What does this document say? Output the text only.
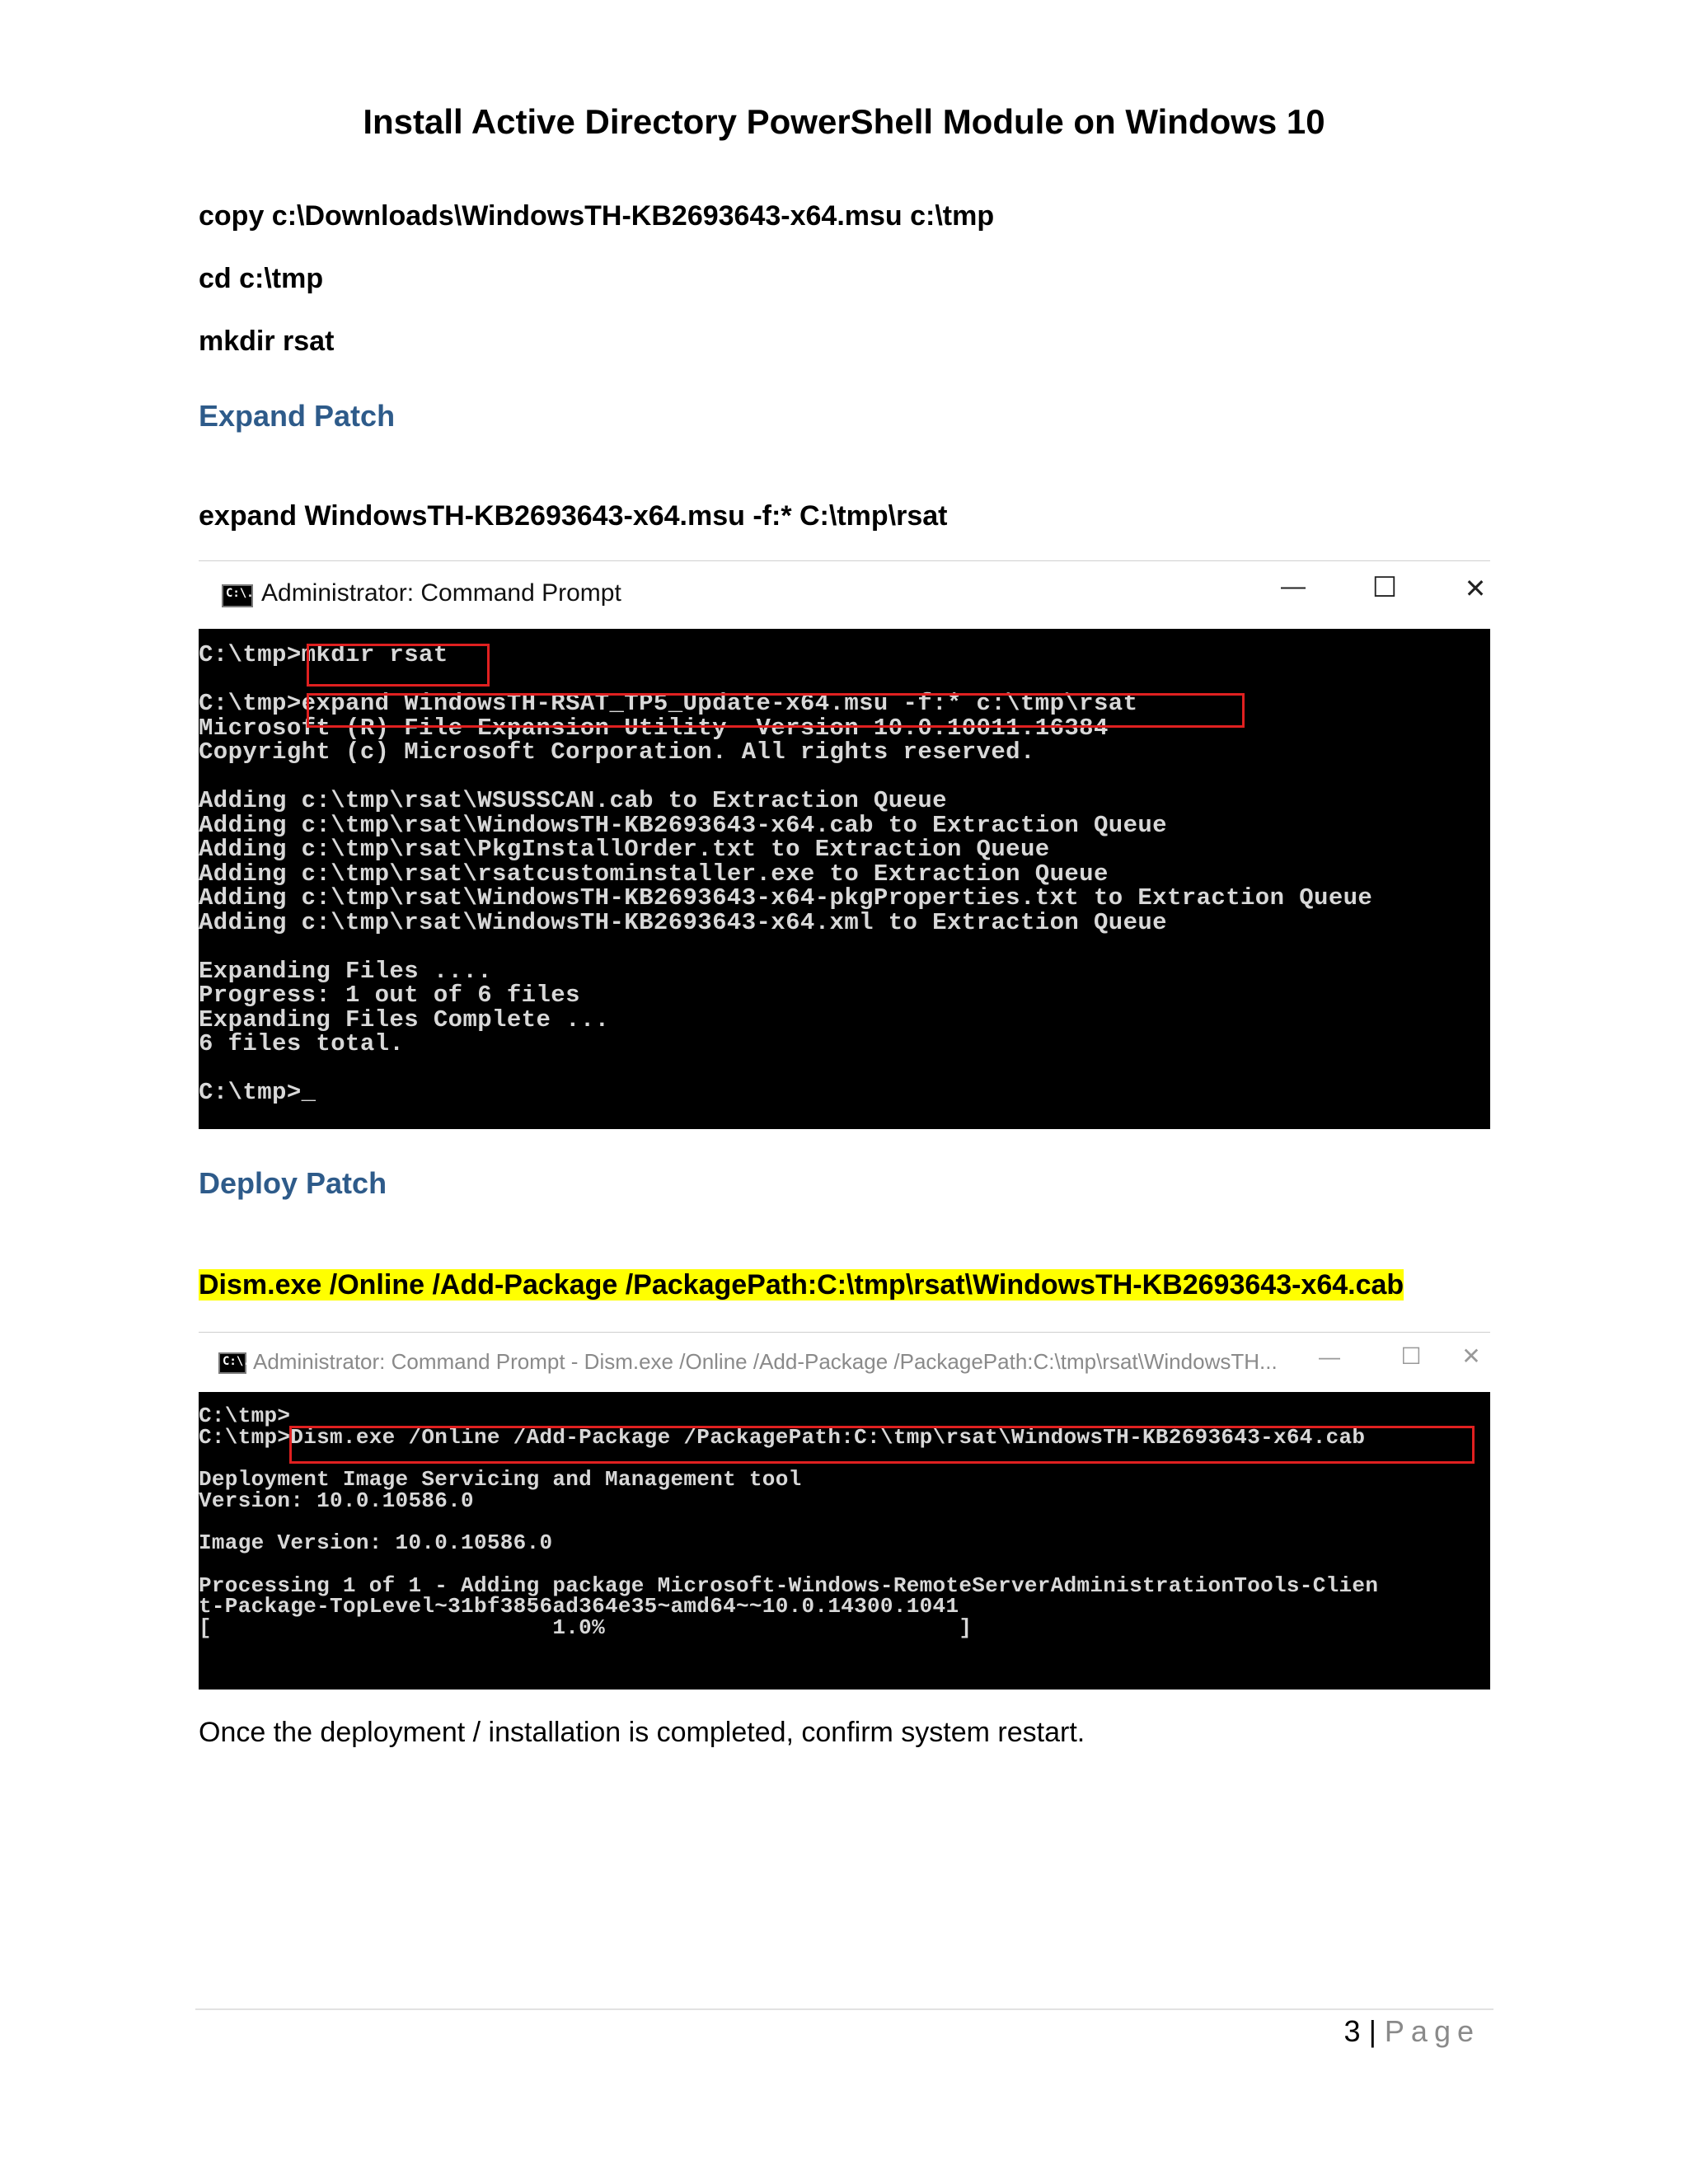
Install Active Directory PowerShell Module on Windows 10
copy c:\Downloads\WindowsTH-KB2693643-x64.msu c:\tmp
cd c:\tmp
mkdir rsat
Expand Patch
expand WindowsTH-KB2693643-x64.msu -f:* C:\tmp\rsat
C:\. Administrator: Command Prompt	— ☐	✕
C:\tmp>mkdir rsat
C:\tmp>expand WindowsTH-RSAT_TP5_Update-x64.msu -f:* c:\tmp\rsat
Microsoft (R) File Expansion Utility  Version 10.0.10011.16384
Copyright (c) Microsoft Corporation. All rights reserved.
Adding c:\tmp\rsat\WSUSSCAN.cab to Extraction Queue
Adding c:\tmp\rsat\WindowsTH-KB2693643-x64.cab to Extraction Queue
Adding c:\tmp\rsat\PkgInstallOrder.txt to Extraction Queue
Adding c:\tmp\rsat\rsatcustominstaller.exe to Extraction Queue
Adding c:\tmp\rsat\WindowsTH-KB2693643-x64-pkgProperties.txt to Extraction Queue
Adding c:\tmp\rsat\WindowsTH-KB2693643-x64.xml to Extraction Queue
Expanding Files ....
Progress: 1 out of 6 files
Expanding Files Complete ...
6 files total.
C:\tmp>_
Deploy Patch
Dism.exe /Online /Add-Package /PackagePath:C:\tmp\rsat\WindowsTH-KB2693643-x64.cab
C:\. Administrator: Command Prompt - Dism.exe /Online /Add-Package /PackagePath:C:\tmp\rsat\WindowsTH... —	☐ ✕
C:\tmp>
C:\tmp>Dism.exe /Online /Add-Package /PackagePath:C:\tmp\rsat\WindowsTH-KB2693643-x64.cab
Deployment Image Servicing and Management tool
Version: 10.0.10586.0
Image Version: 10.0.10586.0
Processing 1 of 1 - Adding package Microsoft-Windows-RemoteServerAdministrationTools-Clien
t-Package-TopLevel~31bf3856ad364e35~amd64~~10.0.14300.1041
[                          1.0%                           ]
Once the deployment / installation is completed, confirm system restart.
3 | Page
